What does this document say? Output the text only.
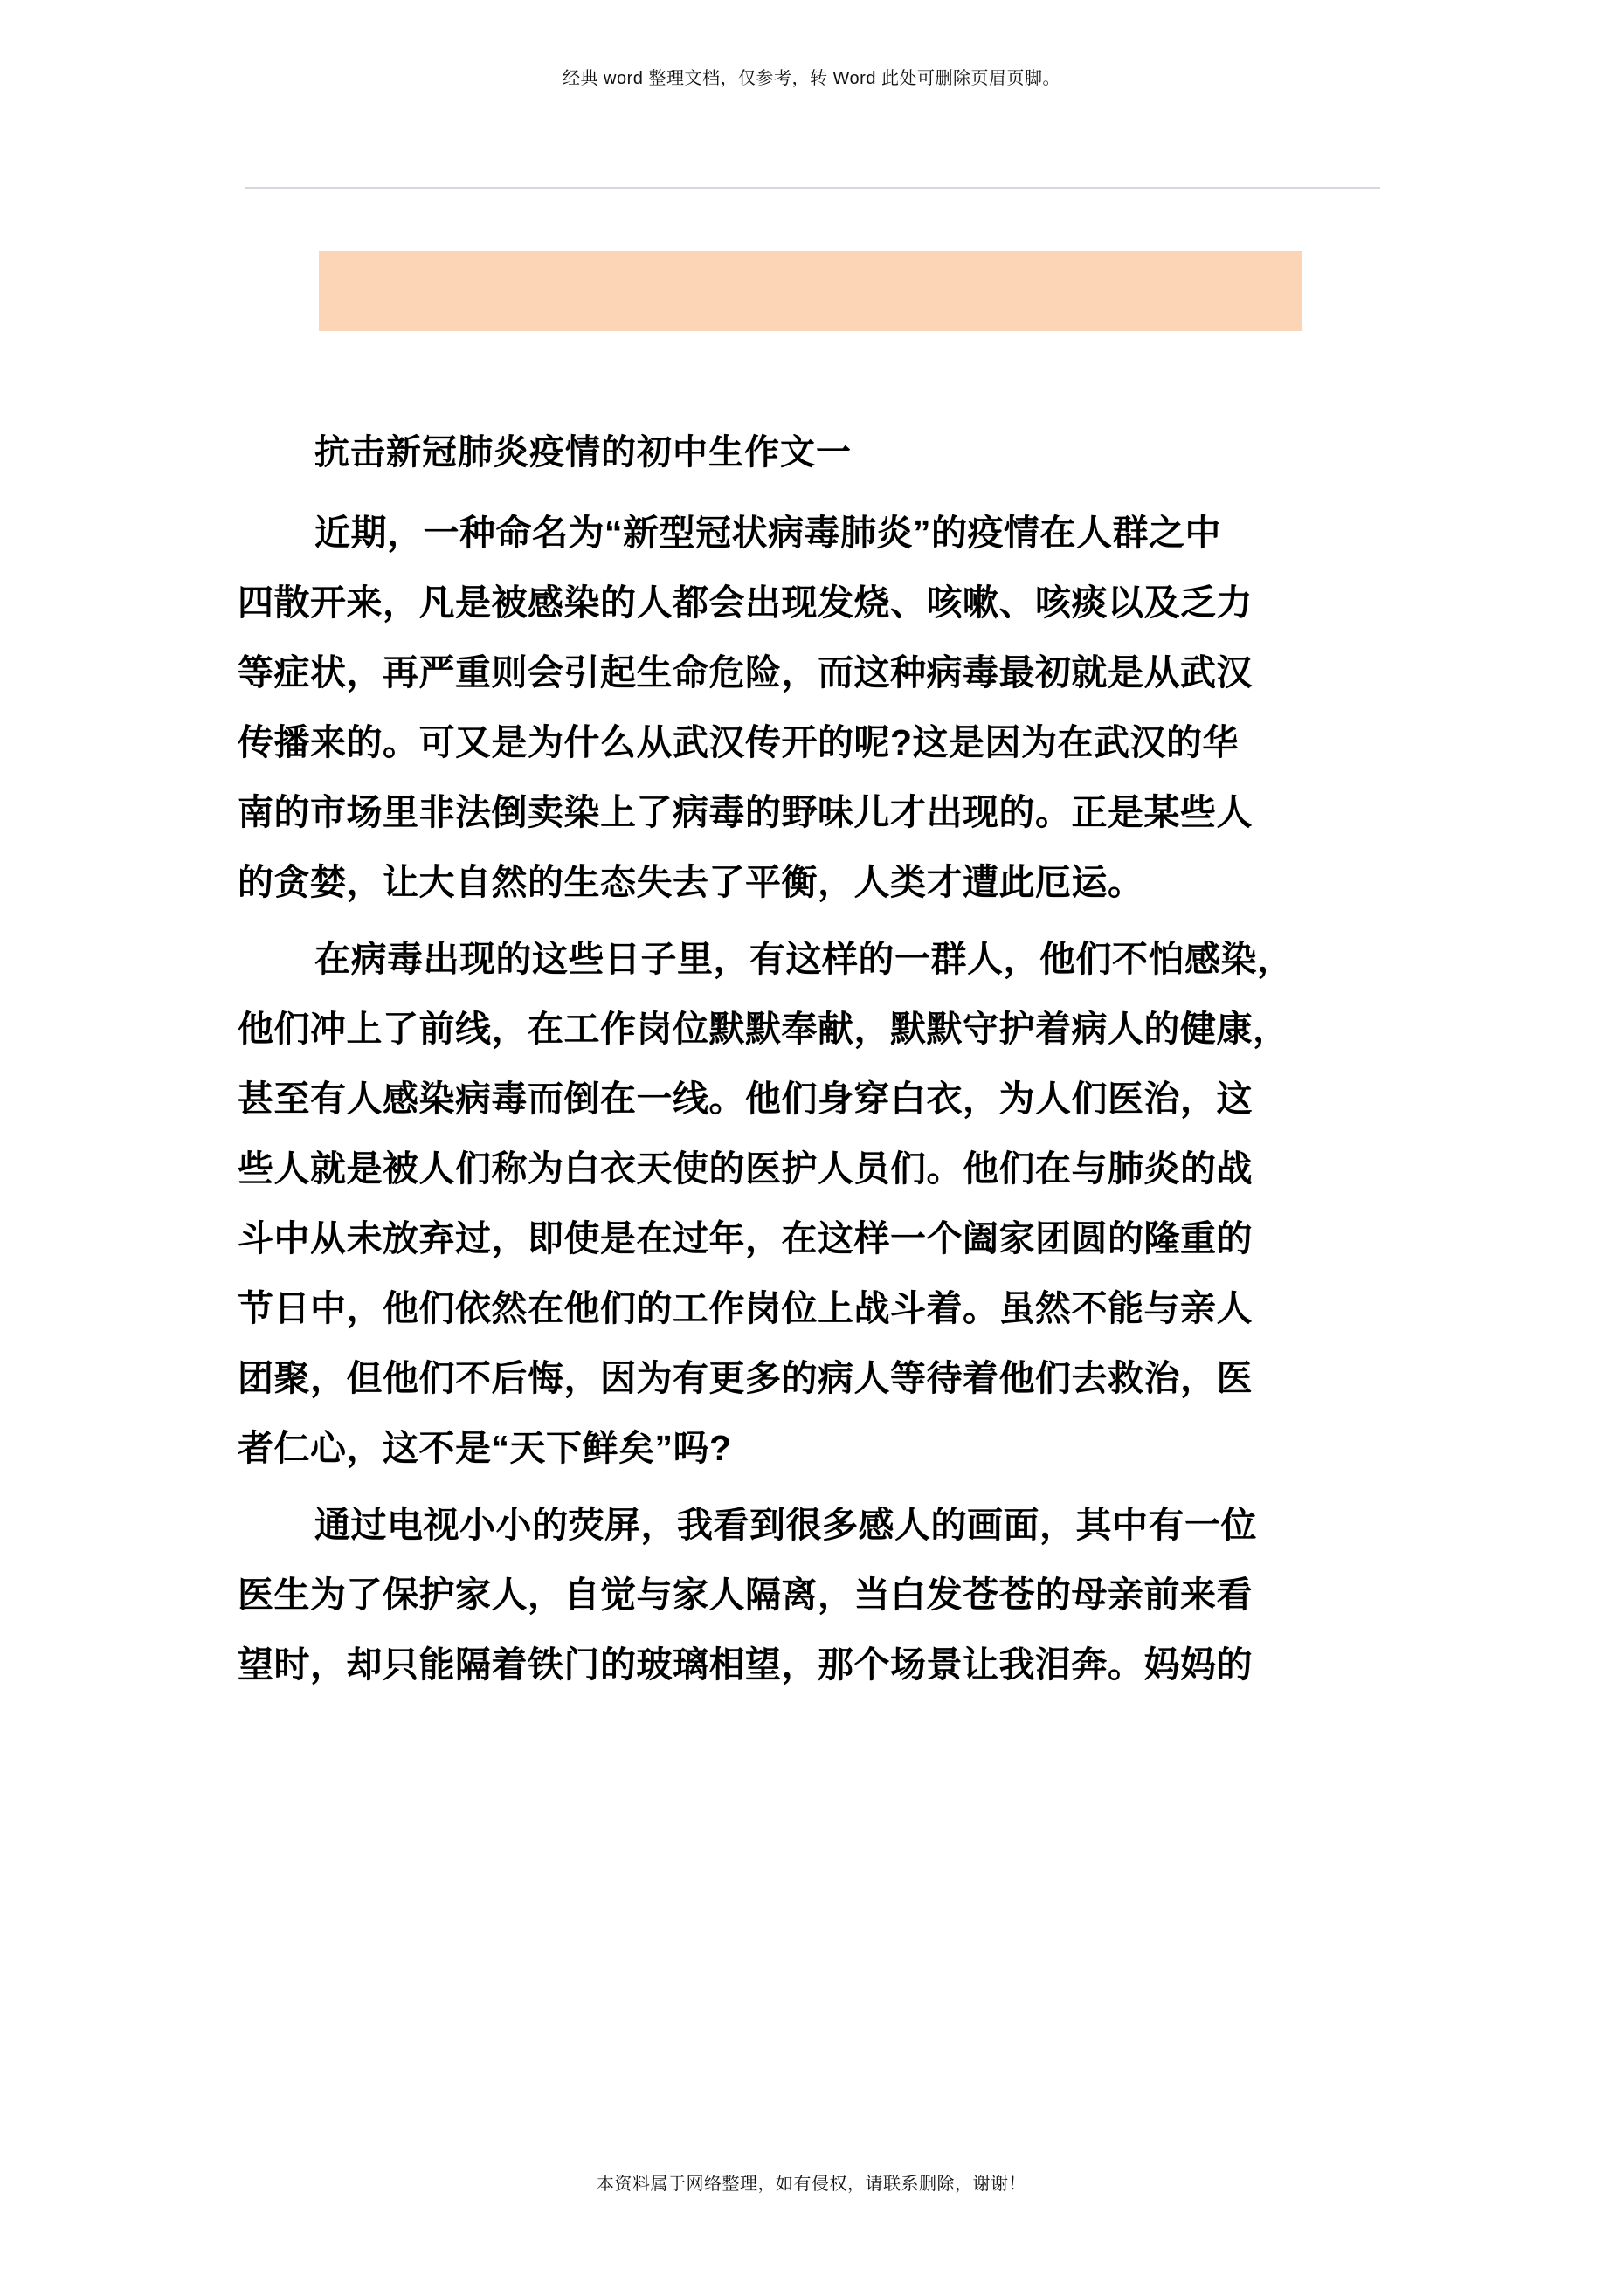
经典 word 整理文档，仅参考，转 Word 此处可删除页眉页脚。
抗击新冠肺炎疫情的初中生作文一

近期，一种命名为“新型冠状病毒肺炎”的疫情在人群之中
四散开来，凡是被感染的人都会出现发烧、咳嗽、咳痰以及乏力
等症状，再严重则会引起生命危险，而这种病毒最初就是从武汉
传播来的。可又是为什么从武汉传开的呢?这是因为在武汉的华
南的市场里非法倒卖染上了病毒的野味儿才出现的。正是某些人
的贪婪，让大自然的生态失去了平衡，人类才遭此厄运。

在病毒出现的这些日子里，有这样的一群人，他们不怕感染，
他们冲上了前线，在工作岗位默默奉献，默默守护着病人的健康，
甚至有人感染病毒而倒在一线。他们身穿白衣，为人们医治，这
些人就是被人们称为白衣天使的医护人员们。他们在与肺炎的战
斗中从未放弃过，即使是在过年，在这样一个阖家团圆的隆重的
节日中，他们依然在他们的工作岗位上战斗着。虽然不能与亲人
团聚，但他们不后悔，因为有更多的病人等待着他们去救治，医
者仁心，这不是“天下鲜矣”吗?

通过电视小小的荧屏，我看到很多感人的画面，其中有一位
医生为了保护家人，自觉与家人隔离，当白发苍苍的母亲前来看
望时，却只能隔着铁门的玻璃相望，那个场景让我泪奔。妈妈的

本资料属于网络整理，如有侵权，请联系删除，谢谢！
